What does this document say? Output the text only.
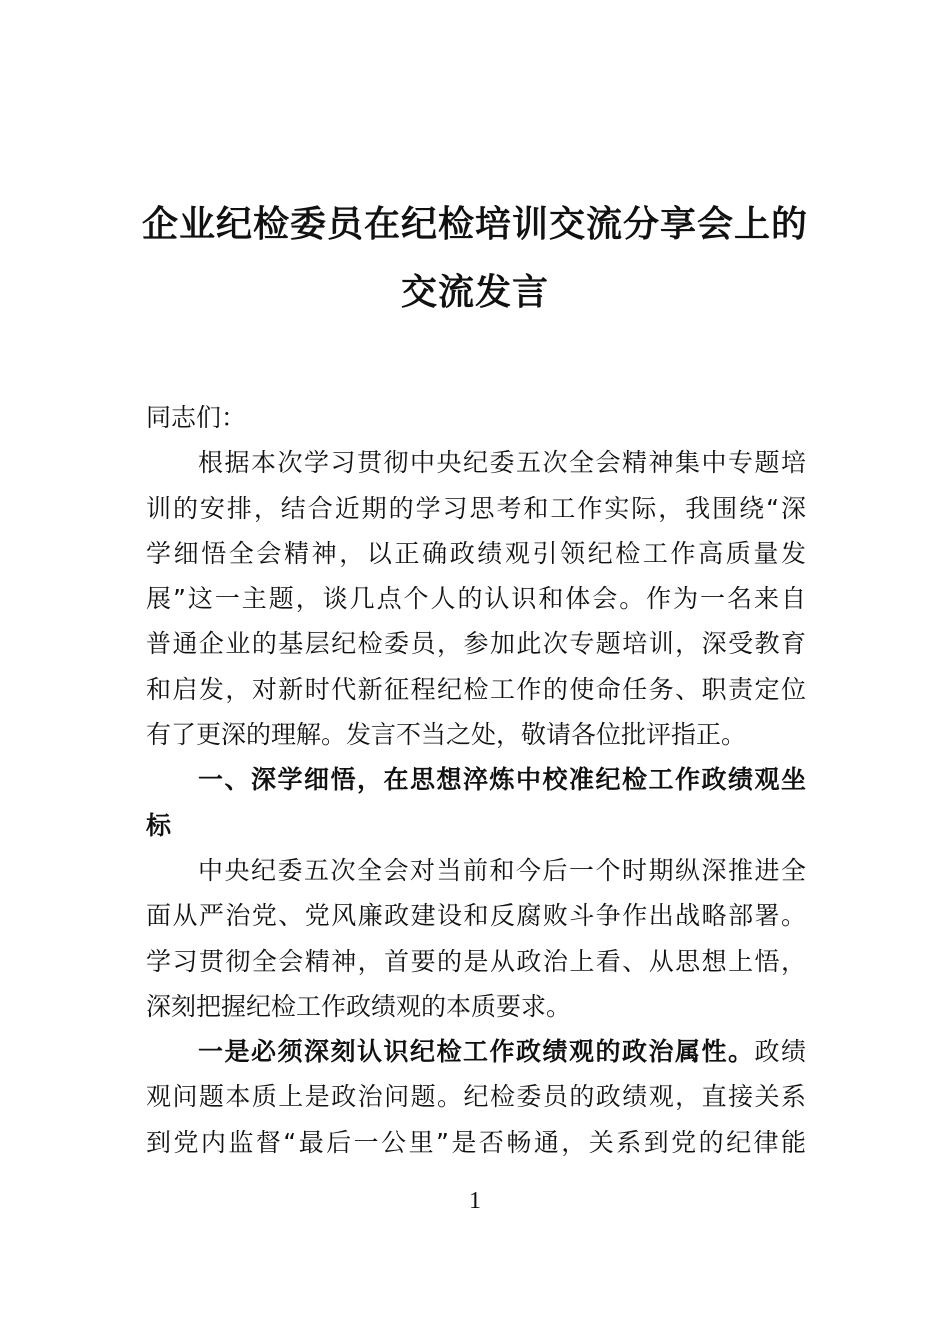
企业纪检委员在纪检培训交流分享会上的
交流发言
同志们：
根据本次学习贯彻中央纪委五次全会精神集中专题培
训的安排，结合近期的学习思考和工作实际，我围绕“深
学细悟全会精神，以正确政绩观引领纪检工作高质量发
展”这一主题，谈几点个人的认识和体会。作为一名来自
普通企业的基层纪检委员，参加此次专题培训，深受教育
和启发，对新时代新征程纪检工作的使命任务、职责定位
有了更深的理解。发言不当之处，敬请各位批评指正。
一、深学细悟，在思想淬炼中校准纪检工作政绩观坐
标
中央纪委五次全会对当前和今后一个时期纵深推进全
面从严治党、党风廉政建设和反腐败斗争作出战略部署。
学习贯彻全会精神，首要的是从政治上看、从思想上悟，
深刻把握纪检工作政绩观的本质要求。
一是必须深刻认识纪检工作政绩观的政治属性。政绩
观问题本质上是政治问题。纪检委员的政绩观，直接关系
到党内监督“最后一公里”是否畅通，关系到党的纪律能
1
